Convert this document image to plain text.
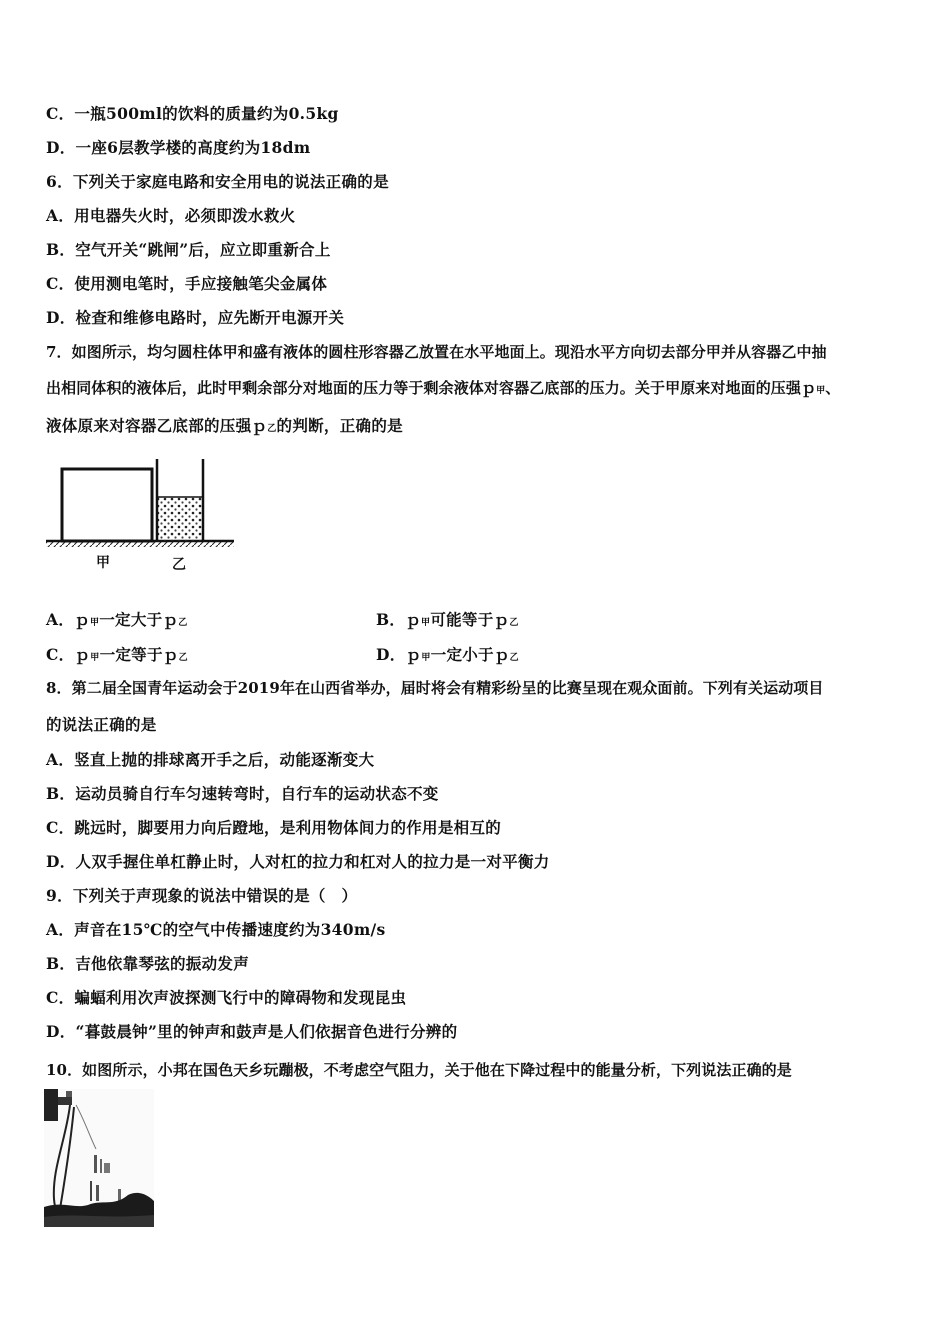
C．一瓶500ml的饮料的质量约为0.5kg
D．一座6层教学楼的高度约为18dm
6．下列关于家庭电路和安全用电的说法正确的是
A．用电器失火时，必须即泼水救火
B．空气开关“跳闸”后，应立即重新合上
C．使用测电笔时，手应接触笔尖金属体
D．检查和维修电路时，应先断开电源开关
7．如图所示，均匀圆柱体甲和盛有液体的圆柱形容器乙放置在水平地面上。现沿水平方向切去部分甲并从容器乙中抽
出相同体积的液体后，此时甲剩余部分对地面的压力等于剩余液体对容器乙底部的压力。关于甲原来对地面的压强ｐ甲、
液体原来对容器乙底部的压强ｐ乙的判断，正确的是
甲	乙
A．ｐ甲一定大于ｐ乙	B．ｐ甲可能等于ｐ乙
C．ｐ甲一定等于ｐ乙	D．ｐ甲一定小于ｐ乙
8．第二届全国青年运动会于2019年在山西省举办，届时将会有精彩纷呈的比赛呈现在观众面前。下列有关运动项目
的说法正确的是
A．竖直上抛的排球离开手之后，动能逐渐变大
B．运动员骑自行车匀速转弯时，自行车的运动状态不变
C．跳远时，脚要用力向后蹬地，是利用物体间力的作用是相互的
D．人双手握住单杠静止时，人对杠的拉力和杠对人的拉力是一对平衡力
9．下列关于声现象的说法中错误的是（　）
A．声音在15℃的空气中传播速度约为340m/s
B．吉他依靠琴弦的振动发声
C．蝙蝠利用次声波探测飞行中的障碍物和发现昆虫
D．“暮鼓晨钟”里的钟声和鼓声是人们依据音色进行分辨的
10．如图所示，小邦在国色天乡玩蹦极，不考虑空气阻力，关于他在下降过程中的能量分析，下列说法正确的是
